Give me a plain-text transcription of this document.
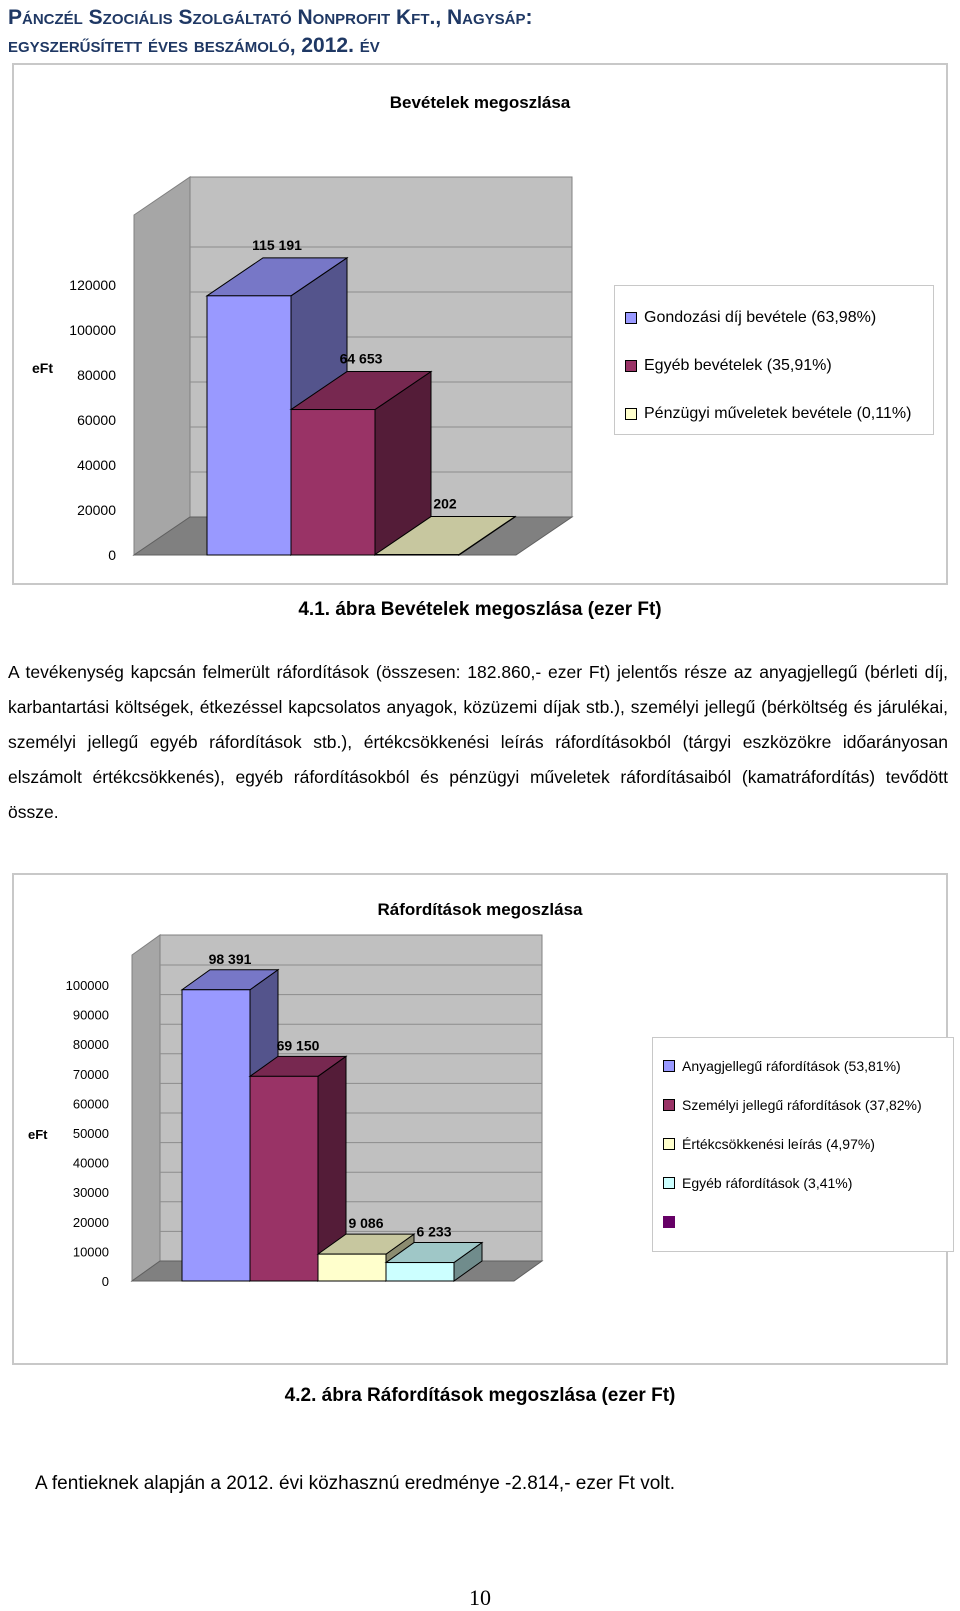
Pánczél Szociális Szolgáltató Nonprofit Kft., Nagysáp:
egyszerűsített éves beszámoló, 2012. év
Bevételek megoszlása
0
20000
40000
60000
80000
100000
120000
eFt
115 191
64 653
202
Gondozási díj bevétele (63,98%)
Egyéb bevételek (35,91%)
Pénzügyi műveletek bevétele (0,11%)
4.1. ábra Bevételek megoszlása (ezer Ft)
A tevékenység kapcsán felmerült ráfordítások (összesen: 182.860,- ezer Ft) jelentős része az anyagjellegű (bérleti díj, karbantartási költségek, étkezéssel kapcsolatos anyagok, közüzemi díjak stb.), személyi jellegű (bérköltség és járulékai, személyi jellegű egyéb ráfordítások stb.), értékcsökkenési leírás ráfordításokból (tárgyi eszközökre időarányosan elszámolt értékcsökkenés), egyéb ráfordításokból és pénzügyi műveletek ráfordításaiból (kamatráfordítás) tevődött össze.
Ráfordítások megoszlása
0
10000
20000
30000
40000
50000
60000
70000
80000
90000
100000
eFt
98 391
69 150
9 086
6 233
Anyagjellegű ráfordítások (53,81%)
Személyi jellegű ráfordítások (37,82%)
Értékcsökkenési leírás (4,97%)
Egyéb ráfordítások (3,41%)
4.2. ábra Ráfordítások megoszlása (ezer Ft)
A fentieknek alapján a 2012. évi közhasznú eredménye -2.814,- ezer Ft volt.
10
